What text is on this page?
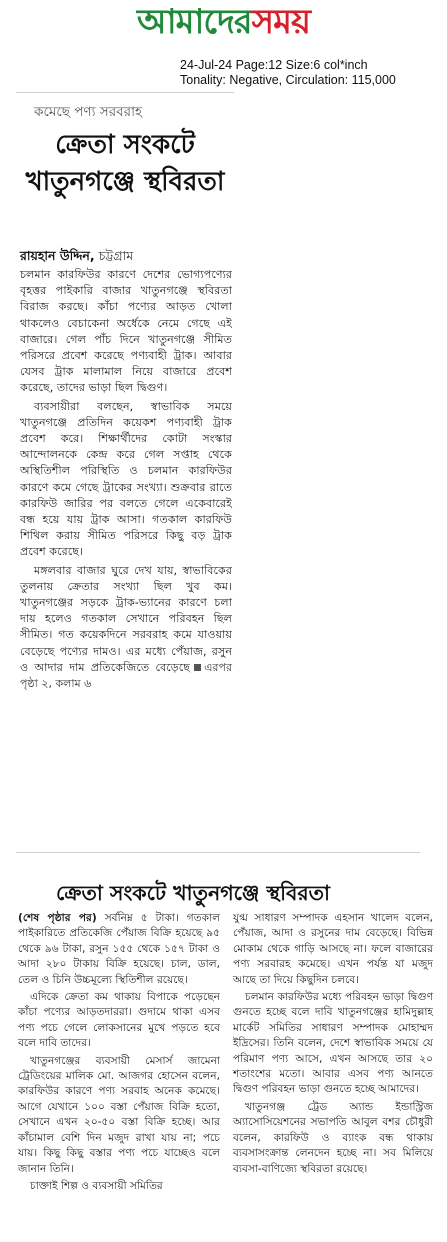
আমাদেরসময়
24-Jul-24 Page:12 Size:6 col*inch
Tonality: Negative, Circulation: 115,000
কমেছে পণ্য সরবরাহ
ক্রেতা সংকটে খাতুনগঞ্জে স্থবিরতা
রায়হান উদ্দিন, চট্টগ্রাম

চলমান কারফিউর কারণে দেশের ভোগ্যপণ্যের বৃহত্তর পাইকারি বাজার খাতুনগঞ্জে স্থবিরতা বিরাজ করছে। কাঁচা পণ্যের আড়ত খোলা থাকলেও বেচাকেনা অর্ধেকে নেমে গেছে এই বাজারে। গেল পাঁচ দিনে খাতুনগঞ্জে সীমিত পরিসরে প্রবেশ করেছে পণ্যবাহী ট্রাক। আবার যেসব ট্রাক মালামাল নিয়ে বাজারে প্রবেশ করেছে, তাদের ভাড়া ছিল দ্বিগুণ।

ব্যবসায়ীরা বলছেন, স্বাভাবিক সময়ে খাতুনগঞ্জে প্রতিদিন কয়েকশ পণ্যবাহী ট্রাক প্রবেশ করে। শিক্ষার্থীদের কোটা সংস্কার আন্দোলনকে কেন্দ্র করে গেল সপ্তাহ থেকে অস্থিতিশীল পরিস্থিতি ও চলমান কারফিউর কারণে কমে গেছে ট্রাকের সংখ্যা। শুক্রবার রাতে কারফিউ জারির পর বলতে গেলে একেবারেই বন্ধ হয়ে যায় ট্রাক আসা। গতকাল কারফিউ শিথিল করায় সীমিত পরিসরে কিছু বড় ট্রাক প্রবেশ করেছে।

মঙ্গলবার বাজার ঘুরে দেখ যায়, স্বাভাবিকের তুলনায় ক্রেতার সংখ্যা ছিল খুব কম। খাতুনগঞ্জের সড়কে ট্রাক-ভ্যানের কারণে চলা দায় হলেও গতকাল সেখানে পরিবহন ছিল সীমিত। গত কয়েকদিনে সরবরাহ কমে যাওয়ায় বেড়েছে পণ্যের দামও। এর মধ্যে পেঁয়াজ, রসুন ও আদার দাম প্রতিকেজিতে বেড়েছে এরপর পৃষ্ঠা ২, কলাম ৬

ক্রেতা সংকটে খাতুনগঞ্জে স্থবিরতা

(শেষ পৃষ্ঠার পর) সর্বনিম্ন ৫ টাকা। গতকাল পাইকারিতে প্রতিকেজি পেঁয়াজ বিক্রি হয়েছে ৯৫ থেকে ৯৬ টাকা, রসুন ১৫৫ থেকে ১৫৭ টাকা ও আদা ২৮০ টাকায় বিক্রি হয়েছে। চাল, ডাল, তেল ও চিনি উচ্চমূল্যে স্থিতিশীল রয়েছে।

এদিকে ক্রেতা কম থাকায় বিপাকে পড়েছেন কাঁচা পণ্যের আড়তদাররা। গুদামে থাকা এসব পণ্য পচে গেলে লোকসানের মুখে পড়তে হবে বলে দাবি তাদের।

খাতুনগঞ্জের ব্যবসায়ী মেসার্স জামেনা ট্রেডিংয়ের মালিক মো. আজগর হোসেন বলেন, কারফিউর কারণে পণ্য সরবাহ অনেক কমেছে। আগে যেখানে ১০০ বস্তা পেঁয়াজ বিক্রি হতো, সেখানে এখন ২০-৫০ বস্তা বিক্রি হচ্ছে। আর কাঁচামাল বেশি দিন মজুদ রাখা যায় না; পচে যায়। কিছু কিছু বস্তার পণ্য পচে যাচ্ছেও বলে জানান তিনি।

চাক্তাই শিল্প ও ব্যবসায়ী সমিতির

যুগ্ম সাধারণ সম্পাদক এহসান খালেদ বলেন, পেঁয়াজ, আদা ও রসুনের দাম বেড়েছে। বিভিন্ন মোকাম থেকে গাড়ি আসছে না। ফলে বাজারের পণ্য সরবারহ কমেছে। এখন পর্যন্ত যা মজুদ আছে তা দিয়ে কিছুদিন চলবে।

চলমান কারফিউর মধ্যে পরিবহন ভাড়া দ্বিগুণ গুনতে হচ্ছে বলে দাবি খাতুনগঞ্জের হামিদুল্লাহ মার্কেট সমিতির সাধারণ সম্পাদক মোহাম্মদ ইদ্রিসের। তিনি বলেন, দেশে স্বাভাবিক সময়ে যে পরিমাণ পণ্য আসে, এখন আসছে তার ২০ শতাংশের মতো। আবার এসব পণ্য আনতে দ্বিগুণ পরিবহন ভাড়া গুনতে হচ্ছে আমাদের।

খাতুনগঞ্জ ট্রেড অ্যান্ড ইন্ডাস্ট্রিজ অ্যাসোসিয়েশনের সভাপতি আবুল বশর চৌধুরী বলেন, কারফিউ ও ব্যাংক বন্ধ থাকায় ব্যবসাসংক্রান্ত লেনদেন হচ্ছে না। সব মিলিয়ে ব্যবসা-বাণিজ্যে স্থবিরতা রয়েছে।
